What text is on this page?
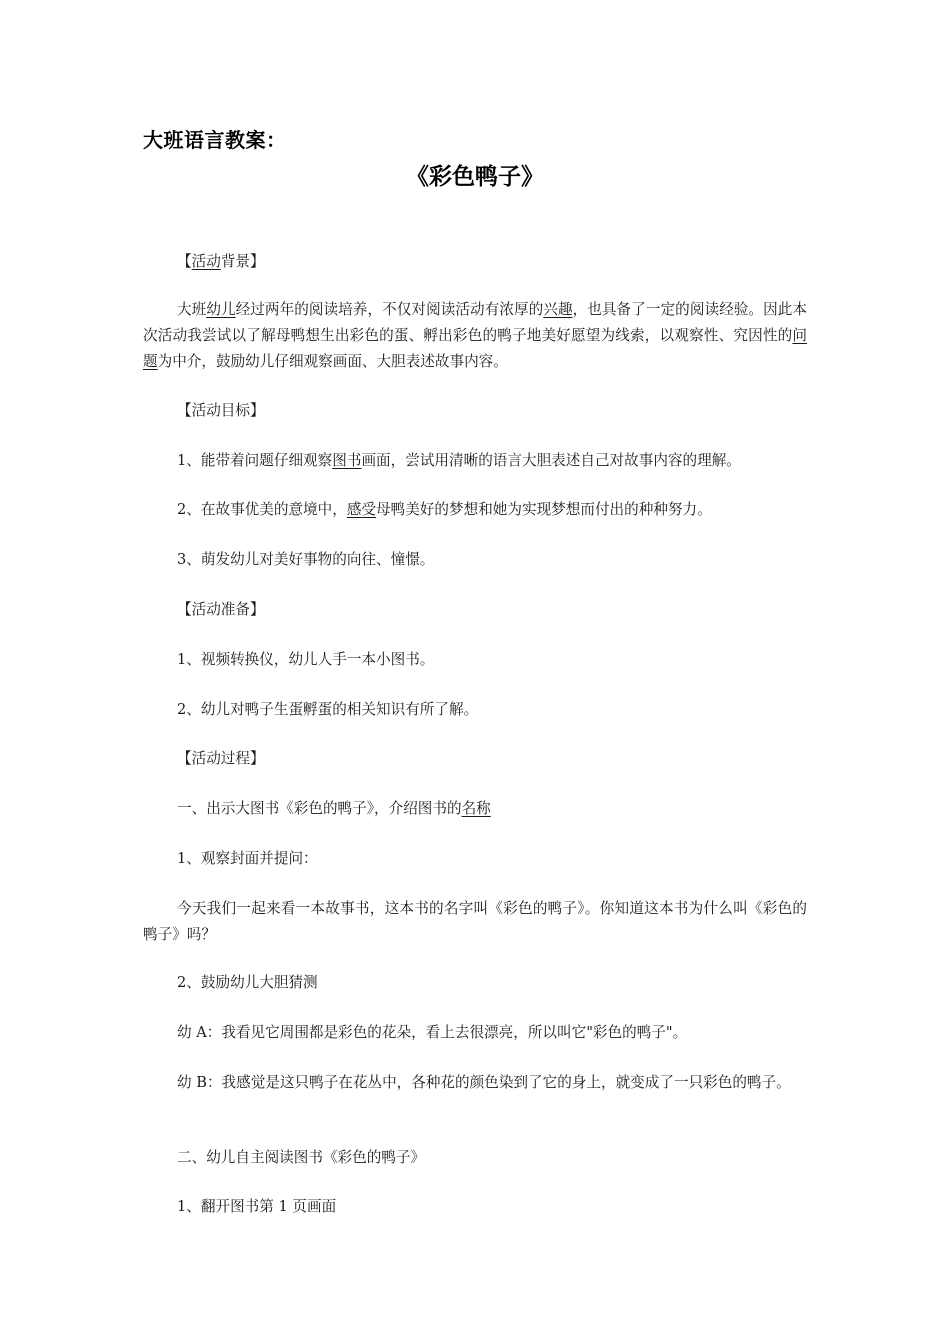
大班语言教案：
《彩色鸭子》

【活动背景】

大班幼儿经过两年的阅读培养，不仅对阅读活动有浓厚的兴趣，也具备了一定的阅读经验。因此本次活动我尝试以了解母鸭想生出彩色的蛋、孵出彩色的鸭子地美好愿望为线索，以观察性、究因性的问题为中介，鼓励幼儿仔细观察画面、大胆表述故事内容。

【活动目标】

1、能带着问题仔细观察图书画面，尝试用清晰的语言大胆表述自己对故事内容的理解。

2、在故事优美的意境中，感受母鸭美好的梦想和她为实现梦想而付出的种种努力。

3、萌发幼儿对美好事物的向往、憧憬。

【活动准备】

1、视频转换仪，幼儿人手一本小图书。

2、幼儿对鸭子生蛋孵蛋的相关知识有所了解。

【活动过程】

一、出示大图书《彩色的鸭子》，介绍图书的名称

1、观察封面并提问：

今天我们一起来看一本故事书，这本书的名字叫《彩色的鸭子》。你知道这本书为什么叫《彩色的鸭子》吗？

2、鼓励幼儿大胆猜测

幼 A：我看见它周围都是彩色的花朵，看上去很漂亮，所以叫它"彩色的鸭子"。

幼 B：我感觉是这只鸭子在花丛中，各种花的颜色染到了它的身上，就变成了一只彩色的鸭子。

二、幼儿自主阅读图书《彩色的鸭子》

1、翻开图书第 1 页画面
